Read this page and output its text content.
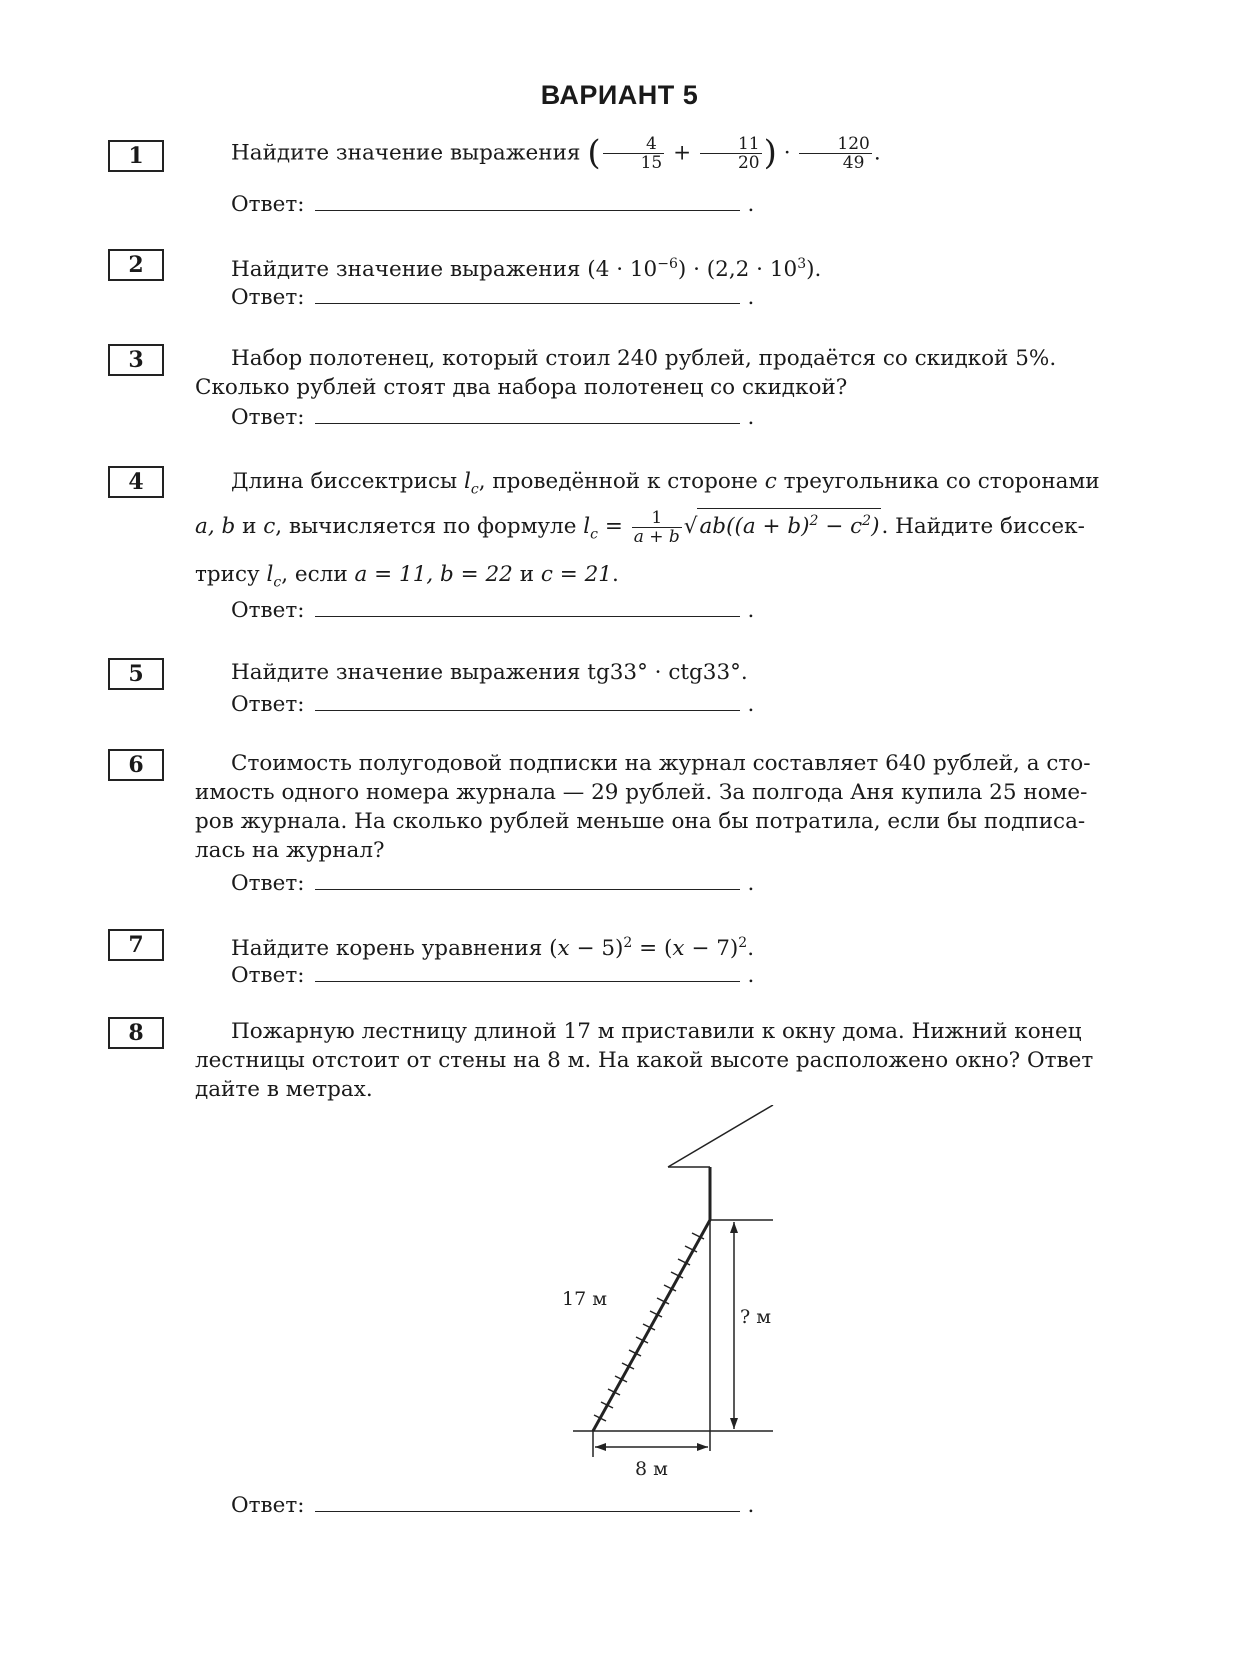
ВАРИАНТ 5
1	Найдите значение выражения ( $\frac{4}{15} + \frac{11}{20}$ ) · $\frac{120}{49}$ .

Ответ:	.
2	Найдите значение выражения $(4 \cdot 10^{-6}) \cdot (2,2 \cdot 10^3)$.

Ответ:	.
3	Набор полотенец, который стоил 240 рублей, продаётся со скидкой 5%.

Сколько рублей стоят два набора полотенец со скидкой?

Ответ:	.
4	Длина биссектрисы $l_c$, проведённой к стороне c треугольника со сторонами

a, b и c, вычисляется по формуле $l_c = \frac{1}{a + b} √ab((a + b)^2 - c^2)$. Найдите биссек-

трису $l_c$, если a = 11, b = 22 и c = 21.

Ответ:	.
5	Найдите значение выражения tg33° · ctg33°.

Ответ:	.
6	Стоимость полугодовой подписки на журнал составляет 640 рублей, а сто-

имость одного номера журнала — 29 рублей. За полгода Аня купила 25 номе-

ров журнала. На сколько рублей меньше она бы потратила, если бы подписа-

лась на журнал?

Ответ:	.
7	Найдите корень уравнения $(x - 5)^2 = (x - 7)^2$.

Ответ:	.
8	Пожарную лестницу длиной 17 м приставили к окну дома. Нижний конец

лестницы отстоит от стены на 8 м. На какой высоте расположено окно? Ответ

дайте в метрах.

17 м
? м
8 м
Ответ:	.
